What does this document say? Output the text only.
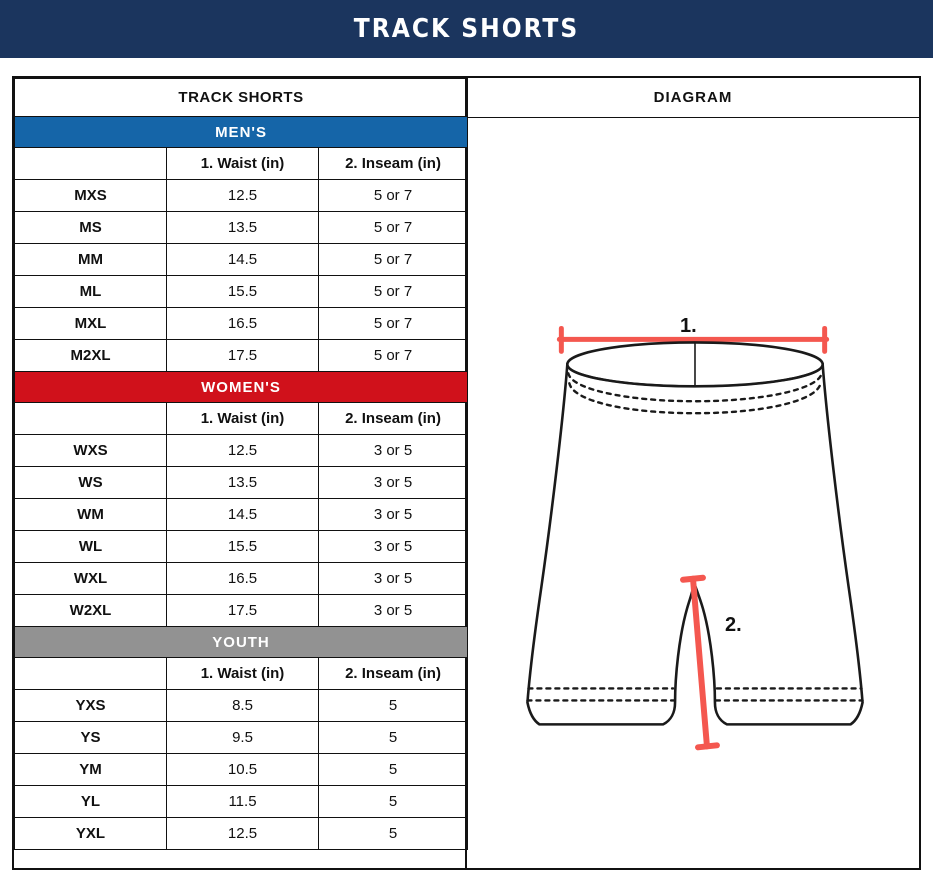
TRACK SHORTS
TRACK SHORTS		
MEN'S		
	1. Waist (in)	2. Inseam (in)
MXS	12.5	5 or 7
MS	13.5	5 or 7
MM	14.5	5 or 7
ML	15.5	5 or 7
MXL	16.5	5 or 7
M2XL	17.5	5 or 7
WOMEN'S		
	1. Waist (in)	2. Inseam (in)
WXS	12.5	3 or 5
WS	13.5	3 or 5
WM	14.5	3 or 5
WL	15.5	3 or 5
WXL	16.5	3 or 5
W2XL	17.5	3 or 5
YOUTH		
	1. Waist (in)	2. Inseam (in)
YXS	8.5	5
YS	9.5	5
YM	10.5	5
YL	11.5	5
YXL	12.5	5
DIAGRAM
1.
2.
